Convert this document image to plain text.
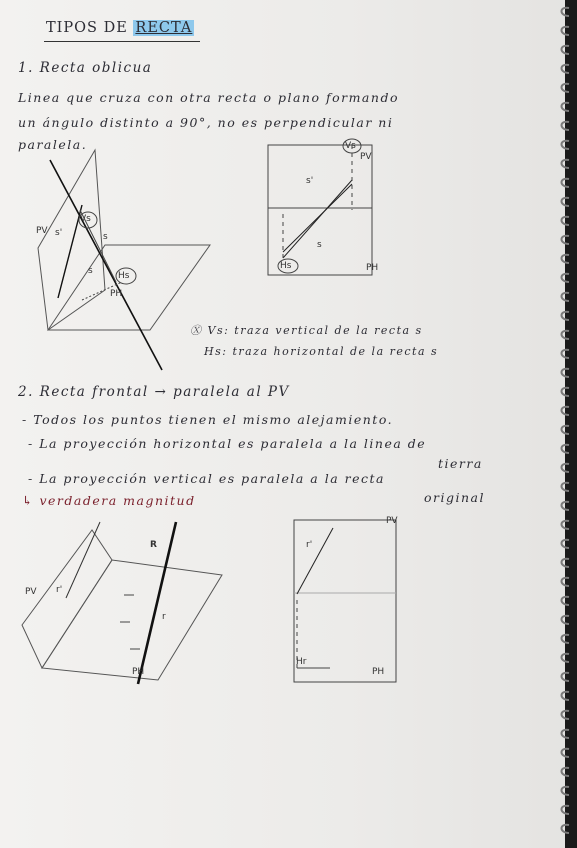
TIPOS DE RECTA
1. Recta oblicua
Linea que cruza con otra recta o plano formando
un ángulo distinto a 90°, no es perpendicular ni
paralela.
Vs
s'	s
s	Hs
PV
PH
Vs
PV
s'
s
Hs	PH
Ⓧ Vs: traza vertical de la recta s
Hs: traza horizontal de la recta s
2. Recta frontal → paralela al PV
- Todos los puntos tienen el mismo alejamiento.
- La proyección horizontal es paralela a la linea de
tierra
- La proyección vertical es paralela a la recta
original
↳ verdadera magnitud
PV r'
R
r
PH
PV
r'
Hr
PH
